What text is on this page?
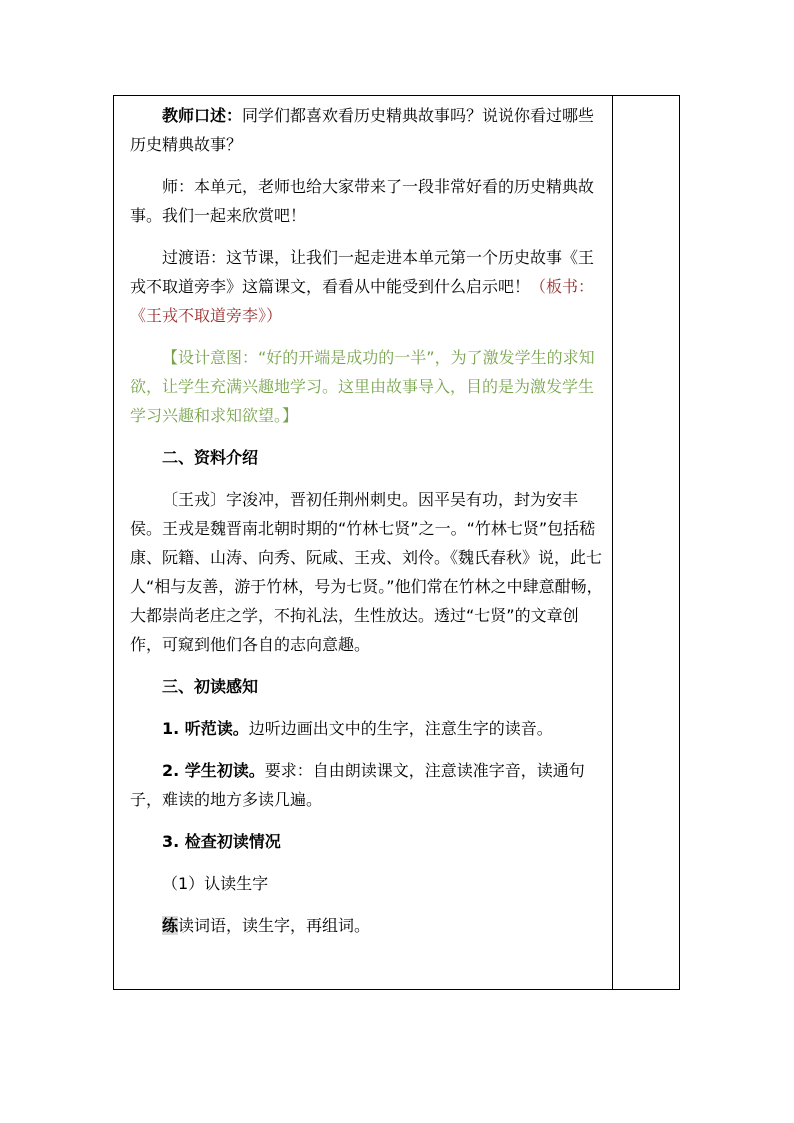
教师口述：同学们都喜欢看历史精典故事吗？说说你看过哪些历史精典故事？

师：本单元，老师也给大家带来了一段非常好看的历史精典故事。我们一起来欣赏吧！

过渡语：这节课，让我们一起走进本单元第一个历史故事《王戎不取道旁李》这篇课文，看看从中能受到什么启示吧！（板书：《王戎不取道旁李》）

【设计意图：“好的开端是成功的一半”，为了激发学生的求知欲，让学生充满兴趣地学习。这里由故事导入，目的是为激发学生学习兴趣和求知欲望。】

二、资料介绍

〔王戎〕字浚冲，晋初任荆州刺史。因平吴有功，封为安丰侯。王戎是魏晋南北朝时期的“竹林七贤”之一。“竹林七贤”包括嵇康、阮籍、山涛、向秀、阮咸、王戎、刘伶。《魏氏春秋》说，此七人“相与友善，游于竹林，号为七贤。”他们常在竹林之中肆意酣畅，大都崇尚老庄之学，不拘礼法，生性放达。透过“七贤”的文章创作，可窥到他们各自的志向意趣。

三、初读感知

1. 听范读。边听边画出文中的生字，注意生字的读音。

2. 学生初读。要求：自由朗读课文，注意读准字音，读通句子，难读的地方多读几遍。

3. 检查初读情况

（1）认读生字

练读词语，读生字，再组词。
